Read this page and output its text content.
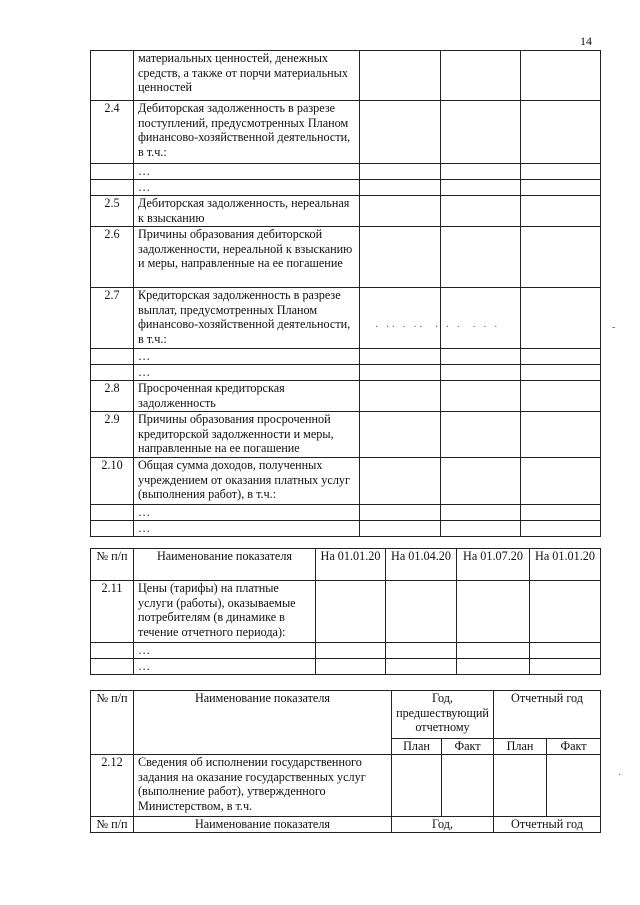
14
	материальных ценностей, денежных средств, а также от порчи материальных ценностей			
2.4	Дебиторская задолженность в разрезе поступлений, предусмотренных Планом финансово-хозяйственной деятельности, в т.ч.:			
	…			
	…			
2.5	Дебиторская задолженность, нереальная к взысканию			
2.6	Причины образования дебиторской задолженности, нереальной к взысканию и меры, направленные на ее погашение			
2.7	Кредиторская задолженность в разрезе выплат, предусмотренных Планом финансово-хозяйственной деятельности, в т.ч.:			
	…			
	…			
2.8	Просроченная кредиторская задолженность			
2.9	Причины образования просроченной кредиторской задолженности и меры, направленные на ее погашение			
2.10	Общая сумма доходов, полученных учреждением от оказания платных услуг (выполнения работ), в т.ч.:			
	…			
	…			
·   · ·   ·   · ·     ·   ·   ·     ·   ·   ·	-
№ п/п	Наименование показателя	На 01.01.20	На 01.04.20	На 01.07.20	На 01.01.20
2.11	Цены (тарифы) на платные услуги (работы), оказываемые потребителям (в динамике в течение отчетного периода):				
	…				
	…				
№ п/п	Наименование показателя	Год, предшествующий отчетному		Отчетный год	
		План	Факт	План	Факт
2.12	Сведения об исполнении государственного задания на оказание государственных услуг (выполнение работ), утвержденного Министерством, в т.ч.				
№ п/п	Наименование показателя	Год,		Отчетный год	
·
